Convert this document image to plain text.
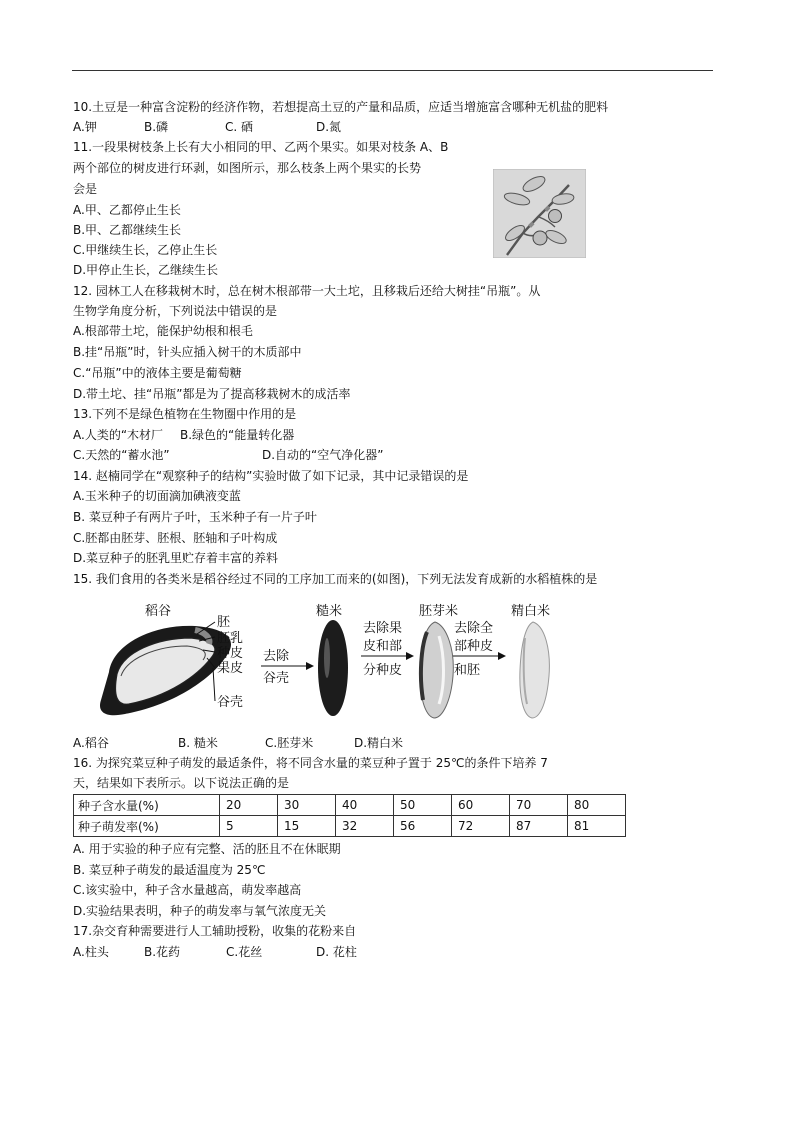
10.土豆是一种富含淀粉的经济作物，若想提高土豆的产量和品质，应适当增施富含哪种无机盐的肥料
A.钾	B.磷	C. 硒	D.氮
11.一段果树枝条上长有大小相同的甲、乙两个果实。如果对枝条 A、B
两个部位的树皮进行环剥，如图所示，那么枝条上两个果实的长势
会是
A.甲、乙都停止生长
B.甲、乙都继续生长
C.甲继续生长，乙停止生长
D.甲停止生长，乙继续生长
12. 园林工人在移栽树木时，总在树木根部带一大土坨，且移栽后还给大树挂“吊瓶”。从
生物学角度分析，下列说法中错误的是
A.根部带土坨，能保护幼根和根毛
B.挂“吊瓶”时，针头应插入树干的木质部中
C.“吊瓶”中的液体主要是葡萄糖
D.带土坨、挂“吊瓶”都是为了提高移栽树木的成活率
13.下列不是绿色植物在生物圈中作用的是
A.人类的“木材厂 B.绿色的“能量转化器
C.天然的“蓄水池”	D.自动的“空气净化器”
14. 赵楠同学在“观察种子的结构”实验时做了如下记录，其中记录错误的是
A.玉米种子的切面滴加碘液变蓝
B. 菜豆种子有两片子叶，玉米种子有一片子叶
C.胚都由胚芽、胚根、胚轴和子叶构成
D.菜豆种子的胚乳里贮存着丰富的养料
15. 我们食用的各类米是稻谷经过不同的工序加工而来的(如图)，下列无法发育成新的水稻植株的是
稻谷
胚
胚乳
种皮
果皮
谷壳
去除
谷壳
糙米
去除果
皮和部
分种皮
胚芽米
去除全
部种皮
和胚
精白米
A.稻谷	B. 糙米	C.胚芽米	D.精白米
16. 为探究菜豆种子萌发的最适条件，将不同含水量的菜豆种子置于 25℃的条件下培养 7
天，结果如下表所示。以下说法正确的是
种子含水量(%)	20	30	40	50	60	70	80
种子萌发率(%)	5	15	32	56	72	87	81
A. 用于实验的种子应有完整、活的胚且不在休眠期
B. 菜豆种子萌发的最适温度为 25℃
C.该实验中，种子含水量越高，萌发率越高
D.实验结果表明，种子的萌发率与氧气浓度无关
17.杂交育种需要进行人工辅助授粉，收集的花粉来自
A.柱头	B.花药	C.花丝	D. 花柱
